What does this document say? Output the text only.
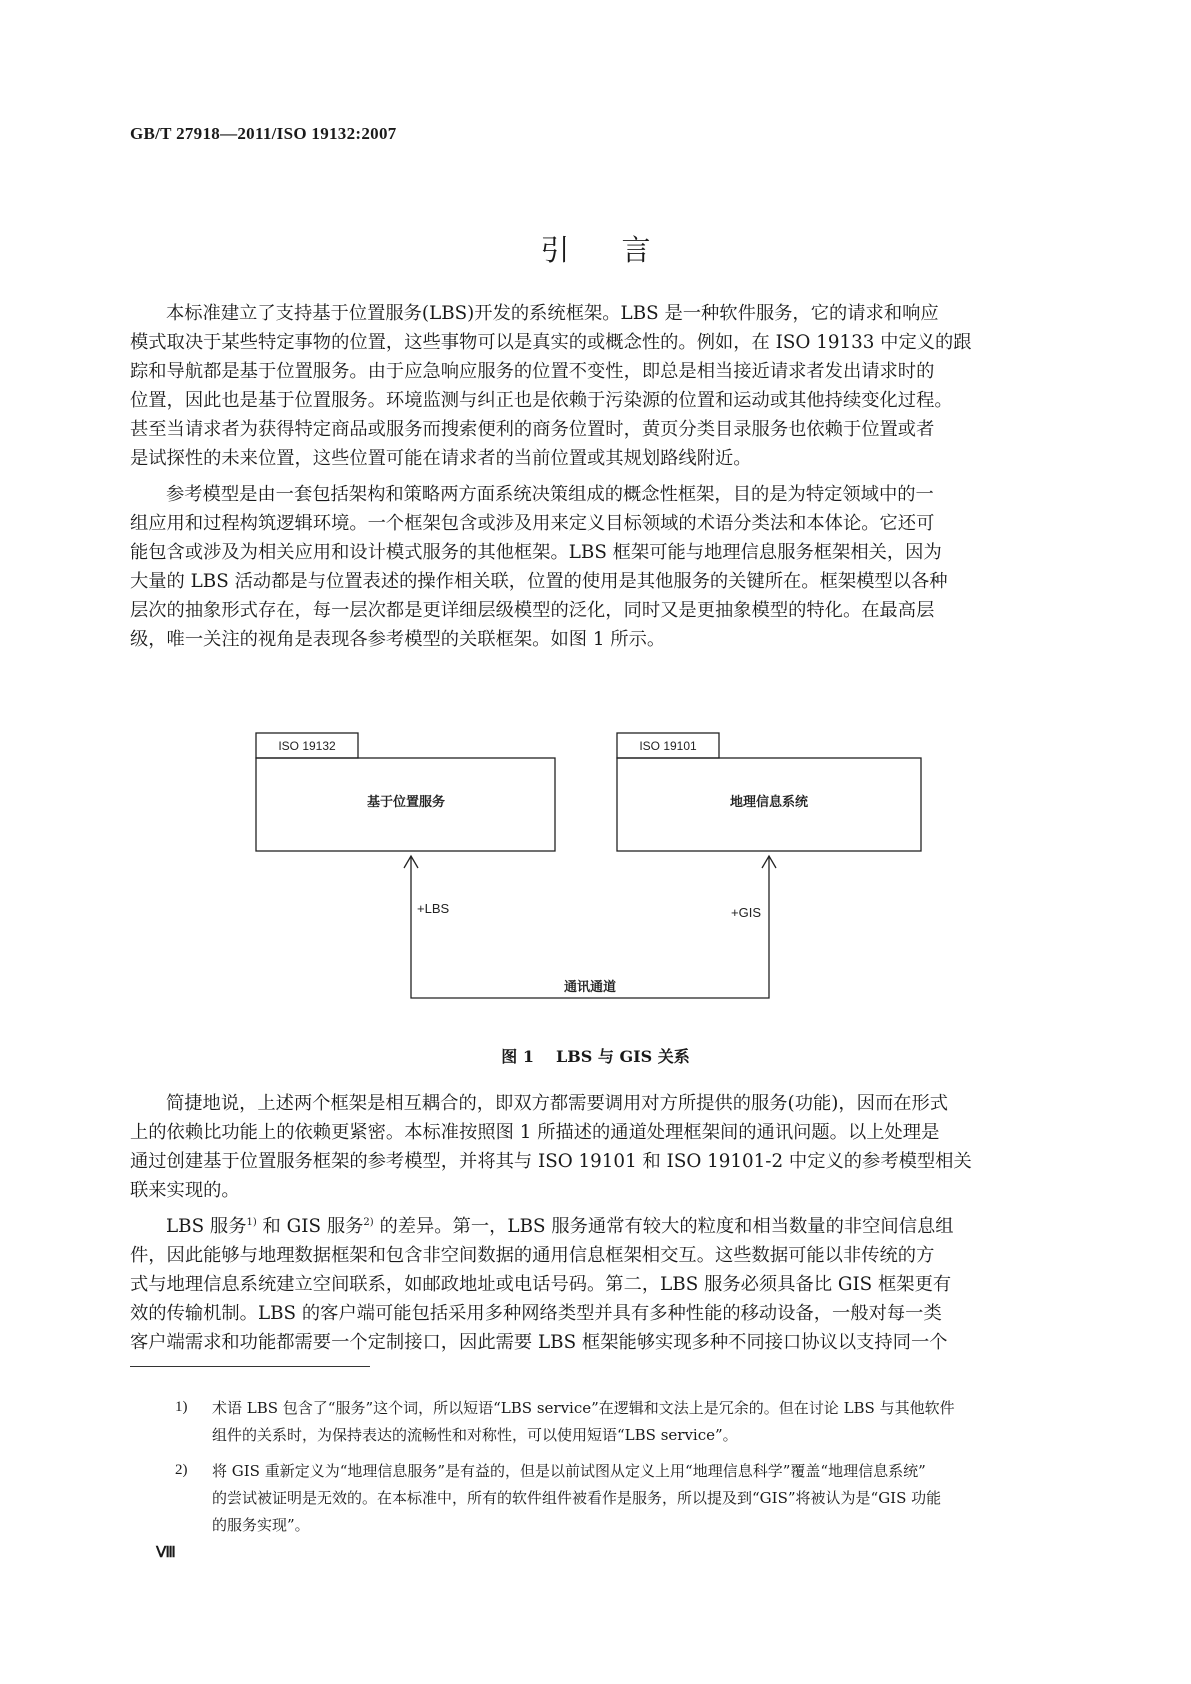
GB/T 27918—2011/ISO 19132:2007
引言
本标准建立了支持基于位置服务(LBS)开发的系统框架。LBS 是一种软件服务，它的请求和响应
模式取决于某些特定事物的位置，这些事物可以是真实的或概念性的。例如，在 ISO 19133 中定义的跟
踪和导航都是基于位置服务。由于应急响应服务的位置不变性，即总是相当接近请求者发出请求时的
位置，因此也是基于位置服务。环境监测与纠正也是依赖于污染源的位置和运动或其他持续变化过程。
甚至当请求者为获得特定商品或服务而搜索便利的商务位置时，黄页分类目录服务也依赖于位置或者
是试探性的未来位置，这些位置可能在请求者的当前位置或其规划路线附近。
参考模型是由一套包括架构和策略两方面系统决策组成的概念性框架，目的是为特定领域中的一
组应用和过程构筑逻辑环境。一个框架包含或涉及用来定义目标领域的术语分类法和本体论。它还可
能包含或涉及为相关应用和设计模式服务的其他框架。LBS 框架可能与地理信息服务框架相关，因为
大量的 LBS 活动都是与位置表述的操作相关联，位置的使用是其他服务的关键所在。框架模型以各种
层次的抽象形式存在，每一层次都是更详细层级模型的泛化，同时又是更抽象模型的特化。在最高层
级，唯一关注的视角是表现各参考模型的关联框架。如图 1 所示。
ISO 19132
基于位置服务
ISO 19101
地理信息系统
+LBS	+GIS
通讯通道
图 1 LBS 与 GIS 关系
简捷地说，上述两个框架是相互耦合的，即双方都需要调用对方所提供的服务(功能)，因而在形式
上的依赖比功能上的依赖更紧密。本标准按照图 1 所描述的通道处理框架间的通讯问题。以上处理是
通过创建基于位置服务框架的参考模型，并将其与 ISO 19101 和 ISO 19101-2 中定义的参考模型相关
联来实现的。
LBS 服务$^{1)}$ 和 GIS 服务$^{2)}$ 的差异。第一，LBS 服务通常有较大的粒度和相当数量的非空间信息组
件，因此能够与地理数据框架和包含非空间数据的通用信息框架相交互。这些数据可能以非传统的方
式与地理信息系统建立空间联系，如邮政地址或电话号码。第二，LBS 服务必须具备比 GIS 框架更有
效的传输机制。LBS 的客户端可能包括采用多种网络类型并具有多种性能的移动设备，一般对每一类
客户端需求和功能都需要一个定制接口，因此需要 LBS 框架能够实现多种不同接口协议以支持同一个
1) 术语 LBS 包含了“服务”这个词，所以短语“LBS service”在逻辑和文法上是冗余的。但在讨论 LBS 与其他软件
组件的关系时，为保持表达的流畅性和对称性，可以使用短语“LBS service”。
2) 将 GIS 重新定义为“地理信息服务”是有益的，但是以前试图从定义上用“地理信息科学”覆盖“地理信息系统”
的尝试被证明是无效的。在本标准中，所有的软件组件被看作是服务，所以提及到“GIS”将被认为是“GIS 功能
的服务实现”。
Ⅷ
